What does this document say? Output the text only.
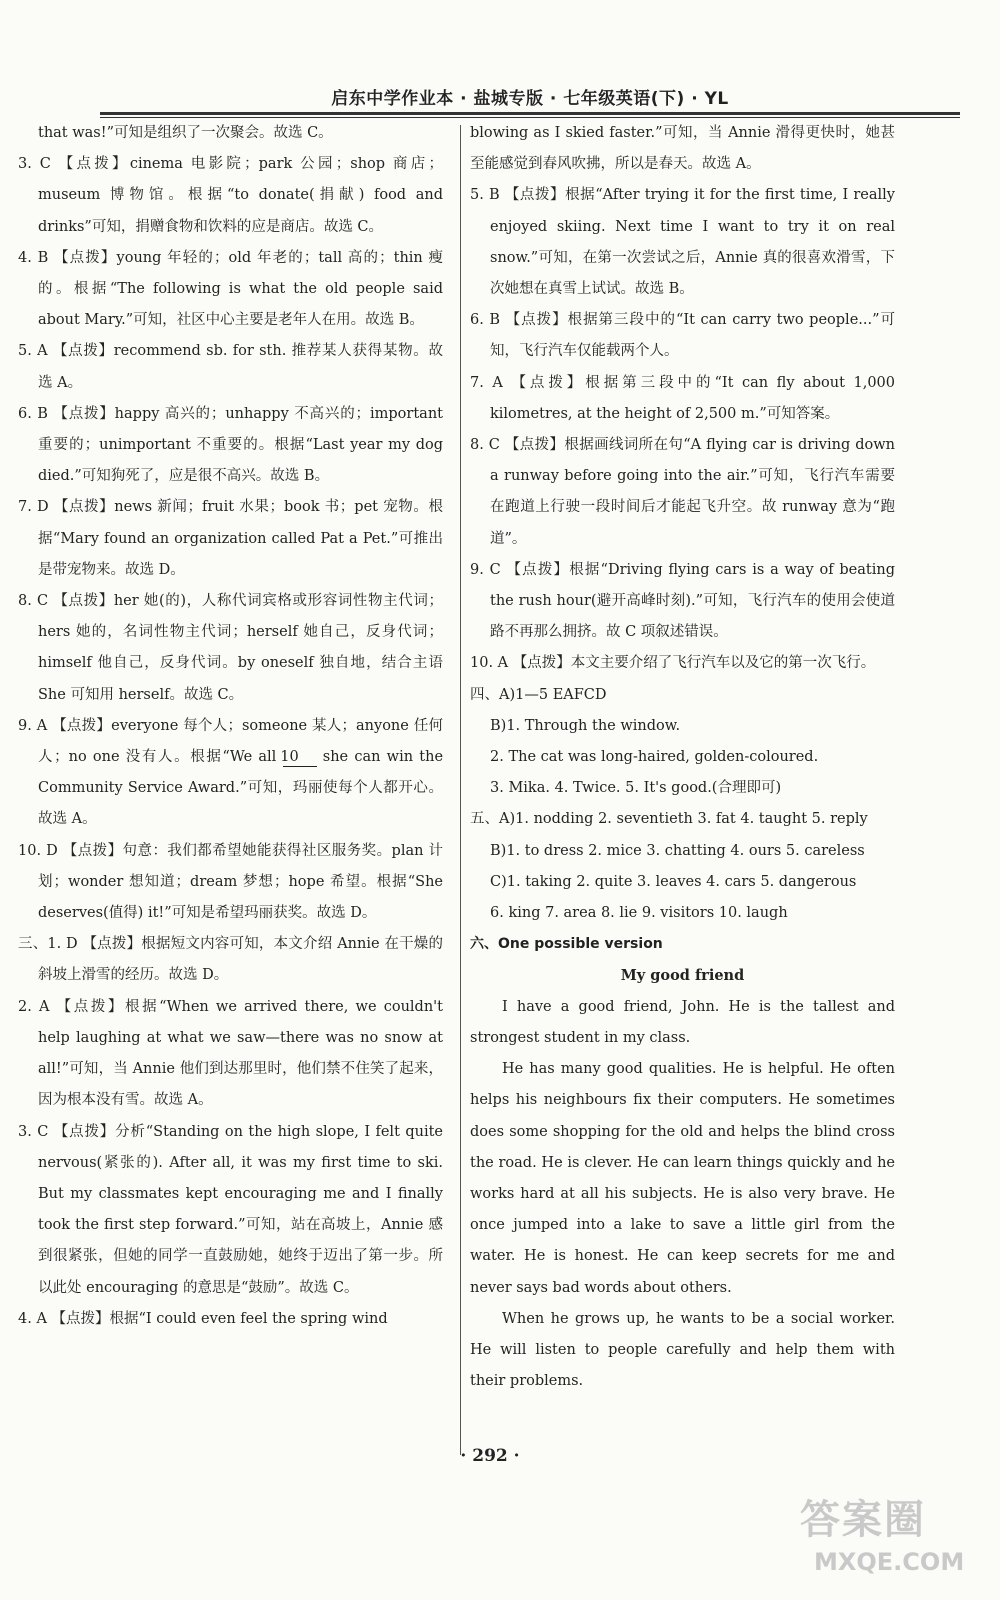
启东中学作业本 · 盐城专版 · 七年级英语(下) · YL
that was!”可知是组织了一次聚会。故选 C。
3. C 【点拨】cinema 电影院；park 公园；shop 商店；museum 博物馆。根据“to donate(捐献) food and drinks”可知，捐赠食物和饮料的应是商店。故选 C。
4. B 【点拨】young 年轻的；old 年老的；tall 高的；thin 瘦的。根据“The following is what the old people said about Mary.”可知，社区中心主要是老年人在用。故选 B。
5. A 【点拨】recommend sb. for sth. 推荐某人获得某物。故选 A。
6. B 【点拨】happy 高兴的；unhappy 不高兴的；important 重要的；unimportant 不重要的。根据“Last year my dog died.”可知狗死了，应是很不高兴。故选 B。
7. D 【点拨】news 新闻；fruit 水果；book 书；pet 宠物。根据“Mary found an organization called Pat a Pet.”可推出是带宠物来。故选 D。
8. C 【点拨】her 她(的)，人称代词宾格或形容词性物主代词；hers 她的，名词性物主代词；herself 她自己，反身代词；himself 他自己，反身代词。by oneself 独自地，结合主语 She 可知用 herself。故选 C。
9. A 【点拨】everyone 每个人；someone 某人；anyone 任何人；no one 没有人。根据“We all 10 she can win the Community Service Award.”可知，玛丽使每个人都开心。故选 A。
10. D 【点拨】句意：我们都希望她能获得社区服务奖。plan 计划；wonder 想知道；dream 梦想；hope 希望。根据“She deserves(值得) it!”可知是希望玛丽获奖。故选 D。
三、1. D 【点拨】根据短文内容可知，本文介绍 Annie 在干燥的斜坡上滑雪的经历。故选 D。
2. A 【点拨】根据“When we arrived there, we couldn't help laughing at what we saw—there was no snow at all!”可知，当 Annie 他们到达那里时，他们禁不住笑了起来，因为根本没有雪。故选 A。
3. C 【点拨】分析“Standing on the high slope, I felt quite nervous(紧张的). After all, it was my first time to ski. But my classmates kept encouraging me and I finally took the first step forward.”可知，站在高坡上，Annie 感到很紧张，但她的同学一直鼓励她，她终于迈出了第一步。所以此处 encouraging 的意思是“鼓励”。故选 C。
4. A 【点拨】根据“I could even feel the spring wind
blowing as I skied faster.”可知，当 Annie 滑得更快时，她甚至能感觉到春风吹拂，所以是春天。故选 A。
5. B 【点拨】根据“After trying it for the first time, I really enjoyed skiing. Next time I want to try it on real snow.”可知，在第一次尝试之后，Annie 真的很喜欢滑雪，下次她想在真雪上试试。故选 B。
6. B 【点拨】根据第三段中的“It can carry two people...”可知，飞行汽车仅能载两个人。
7. A 【点拨】根据第三段中的“It can fly about 1,000 kilometres, at the height of 2,500 m.”可知答案。
8. C 【点拨】根据画线词所在句“A flying car is driving down a runway before going into the air.”可知，飞行汽车需要在跑道上行驶一段时间后才能起飞升空。故 runway 意为“跑道”。
9. C 【点拨】根据“Driving flying cars is a way of beating the rush hour(避开高峰时刻).”可知，飞行汽车的使用会使道路不再那么拥挤。故 C 项叙述错误。
10. A 【点拨】本文主要介绍了飞行汽车以及它的第一次飞行。
四、A)1—5 EAFCD
B)1. Through the window.
2. The cat was long-haired, golden-coloured.
3. Mika. 4. Twice. 5. It's good.(合理即可)
五、A)1. nodding 2. seventieth 3. fat 4. taught 5. reply
B)1. to dress 2. mice 3. chatting 4. ours 5. careless
C)1. taking 2. quite 3. leaves 4. cars 5. dangerous
6. king 7. area 8. lie 9. visitors 10. laugh
六、One possible version
My good friend
I have a good friend, John. He is the tallest and strongest student in my class.
He has many good qualities. He is helpful. He often helps his neighbours fix their computers. He sometimes does some shopping for the old and helps the blind cross the road. He is clever. He can learn things quickly and he works hard at all his subjects. He is also very brave. He once jumped into a lake to save a little girl from the water. He is honest. He can keep secrets for me and never says bad words about others.
When he grows up, he wants to be a social worker. He will listen to people carefully and help them with their problems.
· 292 ·
答案圈
MXQE.COM
